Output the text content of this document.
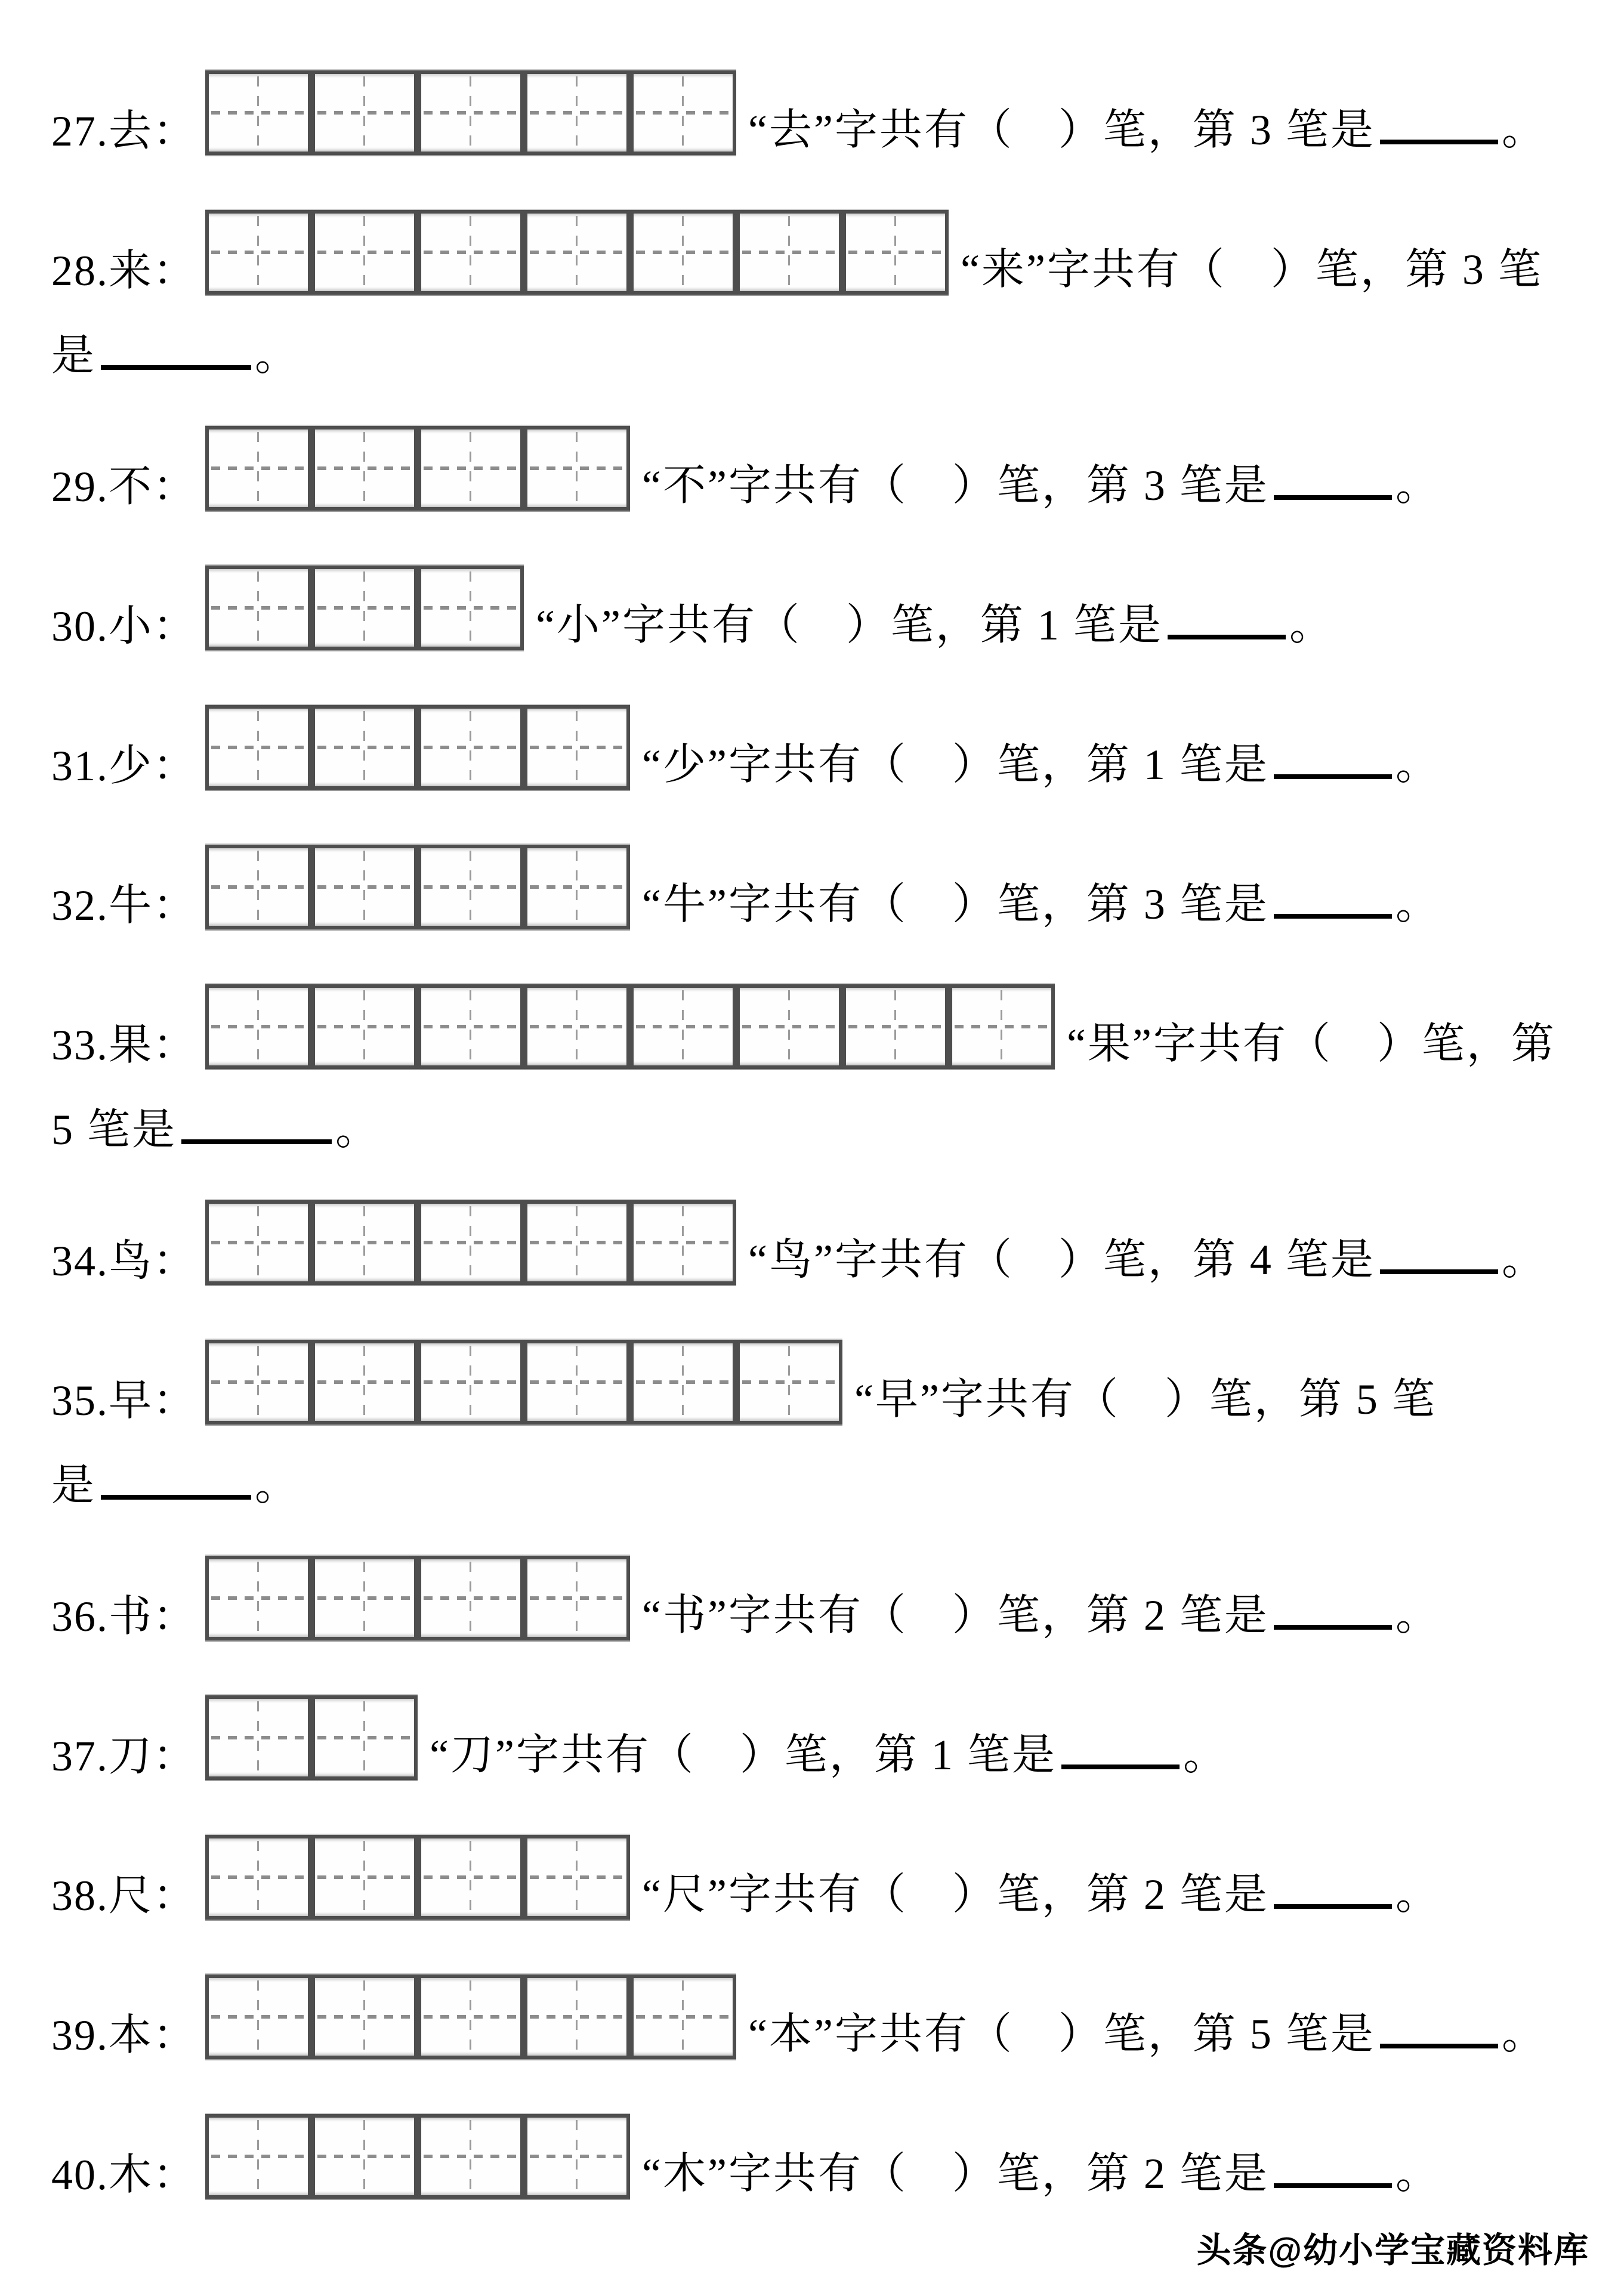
27.去：	“去”字共有（　）笔，第 3 笔是	。
28.来：	“来”字共有（　）笔，第 3 笔
是	。
29.不：	“不”字共有（　）笔，第 3 笔是	。
30.小：	“小”字共有（　）笔，第 1 笔是	。
31.少：	“少”字共有（　）笔，第 1 笔是	。
32.牛：	“牛”字共有（　）笔，第 3 笔是	。
33.果：	“果”字共有（　）笔，第
5 笔是	。
34.鸟：	“鸟”字共有（　）笔，第 4 笔是	。
35.早：	“早”字共有（　）笔，第 5 笔
是	。
36.书：	“书”字共有（　）笔，第 2 笔是	。
37.刀：	“刀”字共有（　）笔，第 1 笔是	。
38.尺：	“尺”字共有（　）笔，第 2 笔是	。
39.本：	“本”字共有（　）笔，第 5 笔是	。
40.木：	“木”字共有（　）笔，第 2 笔是	。
头条@幼小学宝藏资料库
